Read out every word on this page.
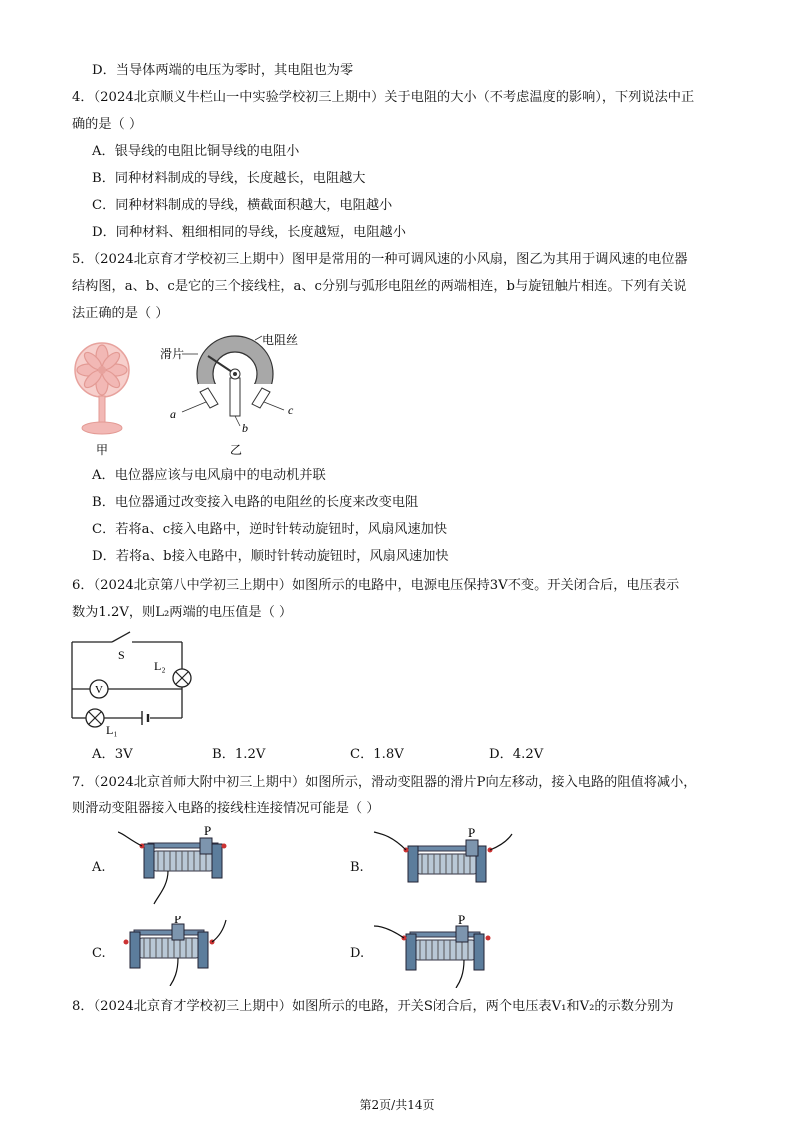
D．当导体两端的电压为零时，其电阻也为零
4．（2024北京顺义牛栏山一中实验学校初三上期中）关于电阻的大小（不考虑温度的影响），下列说法中正
确的是（ ）
A．银导线的电阻比铜导线的电阻小
B．同种材料制成的导线，长度越长，电阻越大
C．同种材料制成的导线，横截面积越大，电阻越小
D．同种材料、粗细相同的导线，长度越短，电阻越小
5．（2024北京育才学校初三上期中）图甲是常用的一种可调风速的小风扇，图乙为其用于调风速的电位器
结构图，a、b、c是它的三个接线柱，a、c分别与弧形电阻丝的两端相连，b与旋钮触片相连。下列有关说
法正确的是（ ）
甲
滑片
电阻丝
a	c
b
乙
A．电位器应该与电风扇中的电动机并联
B．电位器通过改变接入电路的电阻丝的长度来改变电阻
C．若将a、c接入电路中，逆时针转动旋钮时，风扇风速加快
D．若将a、b接入电路中，顺时针转动旋钮时，风扇风速加快
6．（2024北京第八中学初三上期中）如图所示的电路中，电源电压保持3V不变。开关闭合后，电压表示
数为1.2V，则L₂两端的电压值是（ ）
V
S
L₂
L₁
A．3V	B．1.2V	C．1.8V	D．4.2V
7．（2024北京首师大附中初三上期中）如图所示，滑动变阻器的滑片P向左移动，接入电路的阻值将减小，
则滑动变阻器接入电路的接线柱连接情况可能是（ ）
A.	B.
C.	D.
P	P
P	P
8．（2024北京育才学校初三上期中）如图所示的电路，开关S闭合后，两个电压表V₁和V₂的示数分别为
第2页/共14页
